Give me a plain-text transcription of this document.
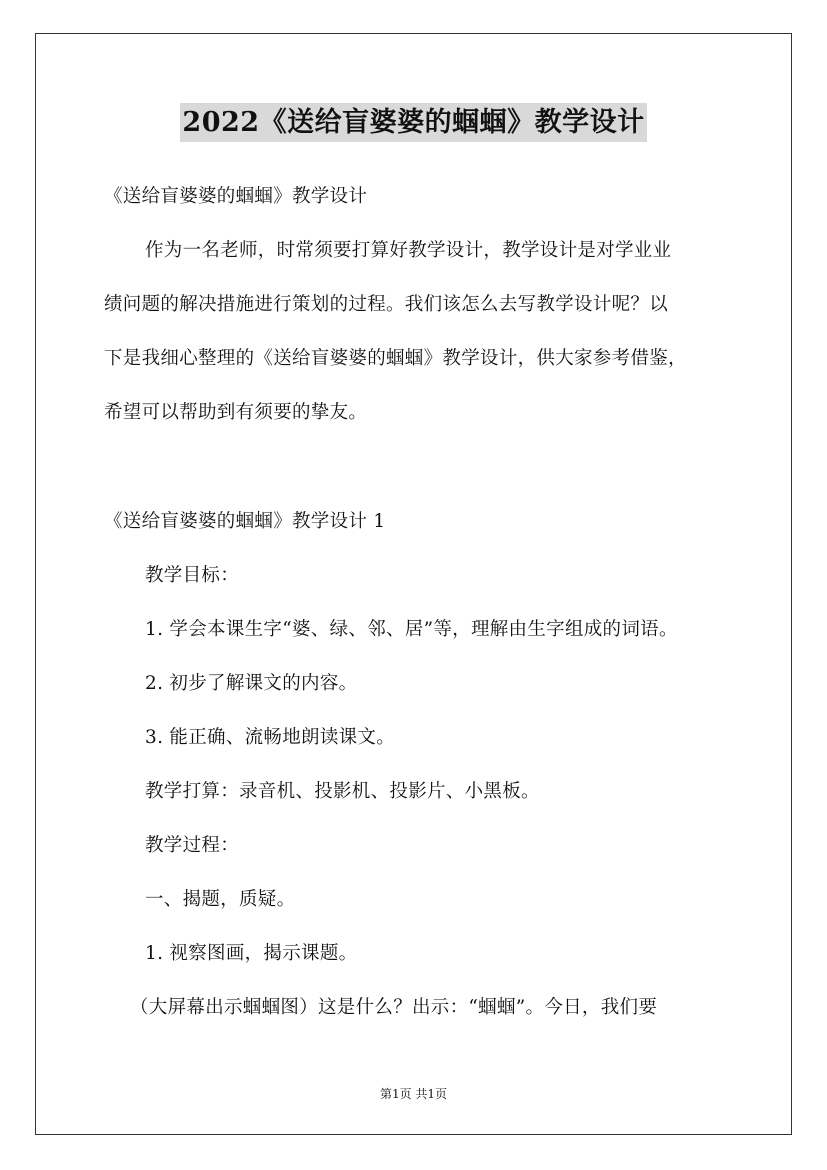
2022《送给盲婆婆的蝈蝈》教学设计
《送给盲婆婆的蝈蝈》教学设计
作为一名老师，时常须要打算好教学设计，教学设计是对学业业
绩问题的解决措施进行策划的过程。我们该怎么去写教学设计呢？以
下是我细心整理的《送给盲婆婆的蝈蝈》教学设计，供大家参考借鉴，
希望可以帮助到有须要的挚友。
《送给盲婆婆的蝈蝈》教学设计 1
教学目标：
1. 学会本课生字“婆、绿、邻、居”等，理解由生字组成的词语。
2. 初步了解课文的内容。
3. 能正确、流畅地朗读课文。
教学打算：录音机、投影机、投影片、小黑板。
教学过程：
一、揭题，质疑。
1. 视察图画，揭示课题。
（大屏幕出示蝈蝈图）这是什么？出示：“蝈蝈”。今日，我们要
第1页 共1页
